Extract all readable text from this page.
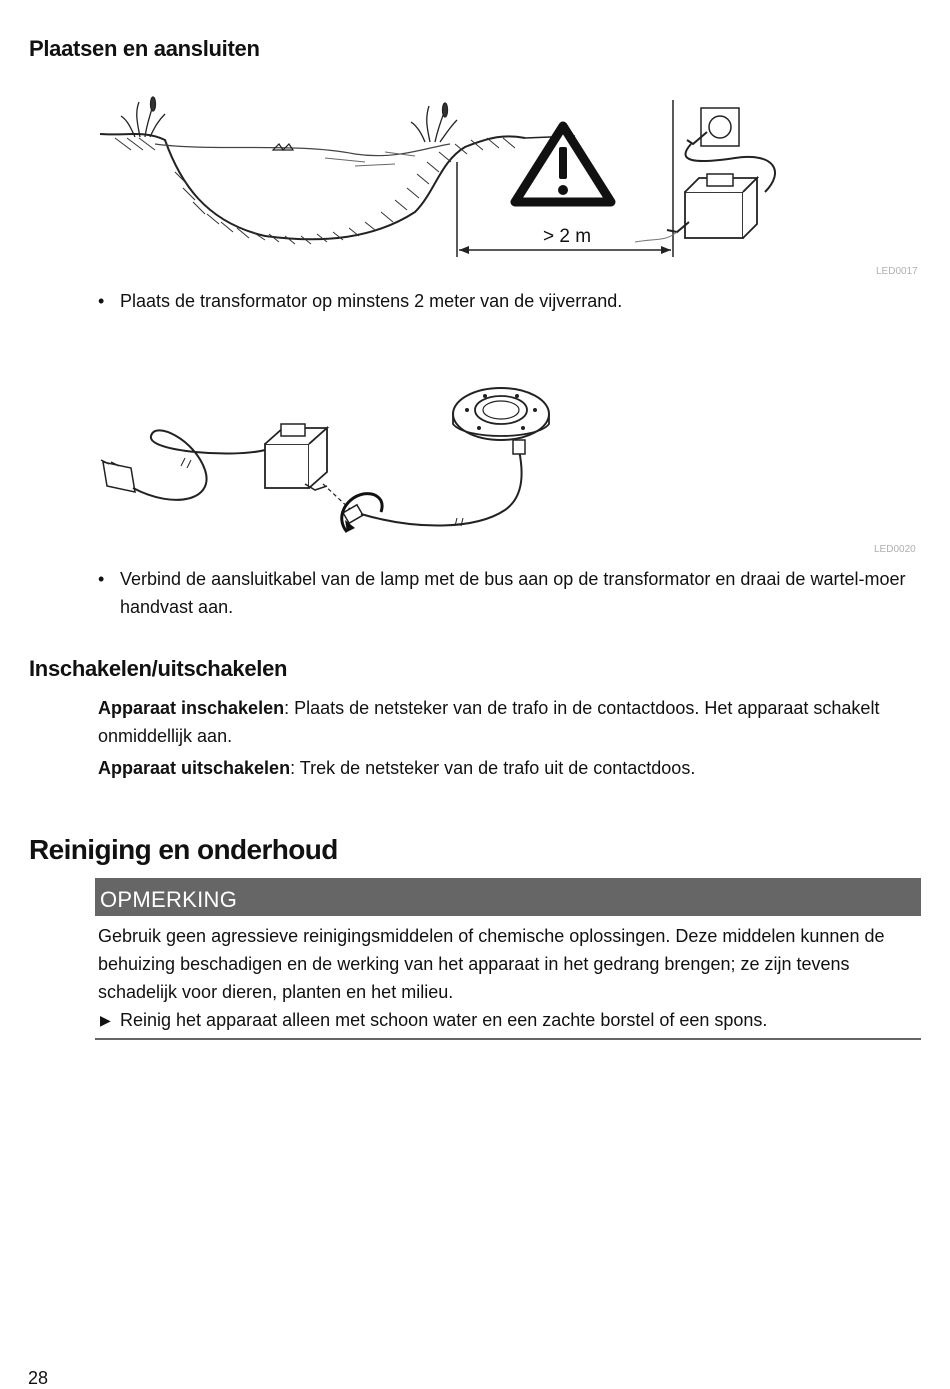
Plaatsen en aansluiten
> 2 m
LED0017
• Plaats de transformator op minstens 2 meter van de vijverrand.
LED0020
• Verbind de aansluitkabel van de lamp met de bus aan op de transformator en draai de wartel-moer handvast aan.
Inschakelen/uitschakelen
Apparaat inschakelen: Plaats de netsteker van de trafo in de contactdoos. Het apparaat schakelt onmiddellijk aan.
Apparaat uitschakelen: Trek de netsteker van de trafo uit de contactdoos.
Reiniging en onderhoud
OPMERKING
Gebruik geen agressieve reinigingsmiddelen of chemische oplossingen. Deze middelen kunnen de behuizing beschadigen en de werking van het apparaat in het gedrang brengen; ze zijn tevens schadelijk voor dieren, planten en het milieu.
▶ Reinig het apparaat alleen met schoon water en een zachte borstel of een spons.
28
